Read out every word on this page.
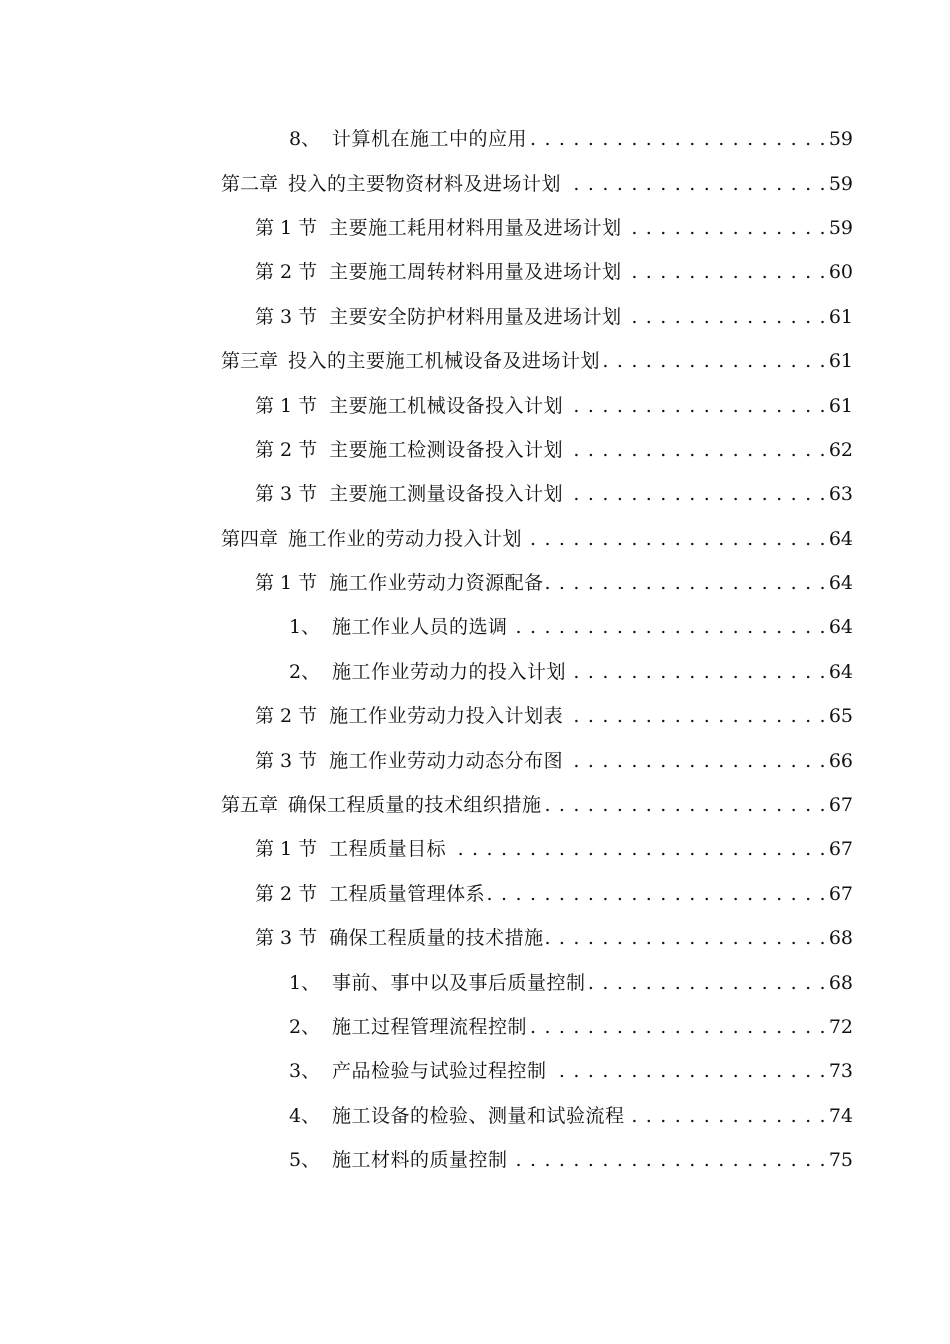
8、 计算机在施工中的应用 . . .	59
第二章 投入的主要物资材料及进场计划 . . .	59
第 1 节 主要施工耗用材料用量及进场计划 . . .	59
第 2 节 主要施工周转材料用量及进场计划 . . .	60
第 3 节 主要安全防护材料用量及进场计划 . . .	61
第三章 投入的主要施工机械设备及进场计划 . . .	61
第 1 节 主要施工机械设备投入计划 . . .	61
第 2 节 主要施工检测设备投入计划 . . .	62
第 3 节 主要施工测量设备投入计划 . . .	63
第四章 施工作业的劳动力投入计划 . . .	64
第 1 节 施工作业劳动力资源配备 . . .	64
1、 施工作业人员的选调 . . .	64
2、 施工作业劳动力的投入计划 . . .	64
第 2 节 施工作业劳动力投入计划表 . . .	65
第 3 节 施工作业劳动力动态分布图 . . .	66
第五章 确保工程质量的技术组织措施 . . .	67
第 1 节 工程质量目标 . . .	67
第 2 节 工程质量管理体系 . . .	67
第 3 节 确保工程质量的技术措施 . . .	68
1、 事前、事中以及事后质量控制 . . .	68
2、 施工过程管理流程控制 . . .	72
3、 产品检验与试验过程控制 . . .	73
4、 施工设备的检验、测量和试验流程 . . .	74
5、 施工材料的质量控制 . . .	75
